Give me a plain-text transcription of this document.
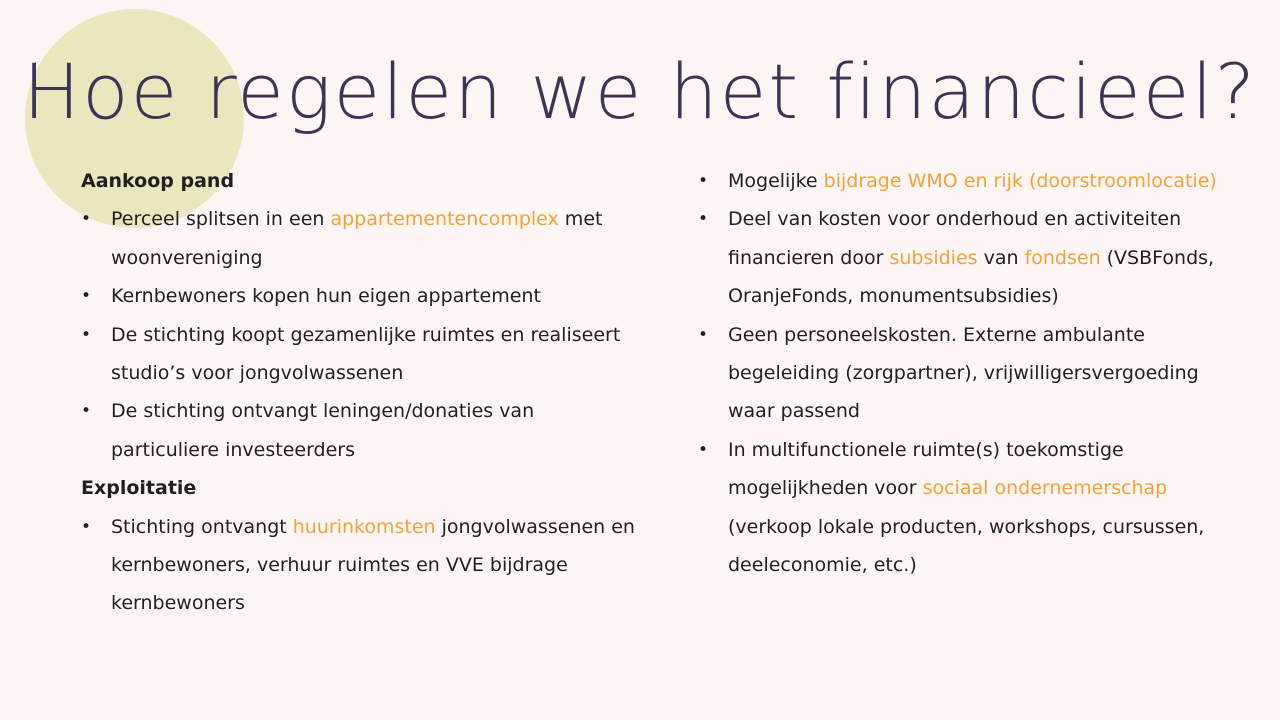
Hoe regelen we het financieel?

Aankoop pand

• Perceel splitsen in een appartementencomplex met woonvereniging
• Kernbewoners kopen hun eigen appartement
• De stichting koopt gezamenlijke ruimtes en realiseert studio’s voor jongvolwassenen
• De stichting ontvangt leningen/donaties van particuliere investeerders

Exploitatie

• Stichting ontvangt huurinkomsten jongvolwassenen en kernbewoners, verhuur ruimtes en VVE bijdrage kernbewoners
• Mogelijke bijdrage WMO en rijk (doorstroomlocatie)
• Deel van kosten voor onderhoud en activiteiten financieren door subsidies van fondsen (VSBFonds, OranjeFonds, monumentsubsidies)
• Geen personeelskosten. Externe ambulante begeleiding (zorgpartner), vrijwilligersvergoeding waar passend
• In multifunctionele ruimte(s) toekomstige mogelijkheden voor sociaal ondernemerschap (verkoop lokale producten, workshops, cursussen, deeleconomie, etc.)
